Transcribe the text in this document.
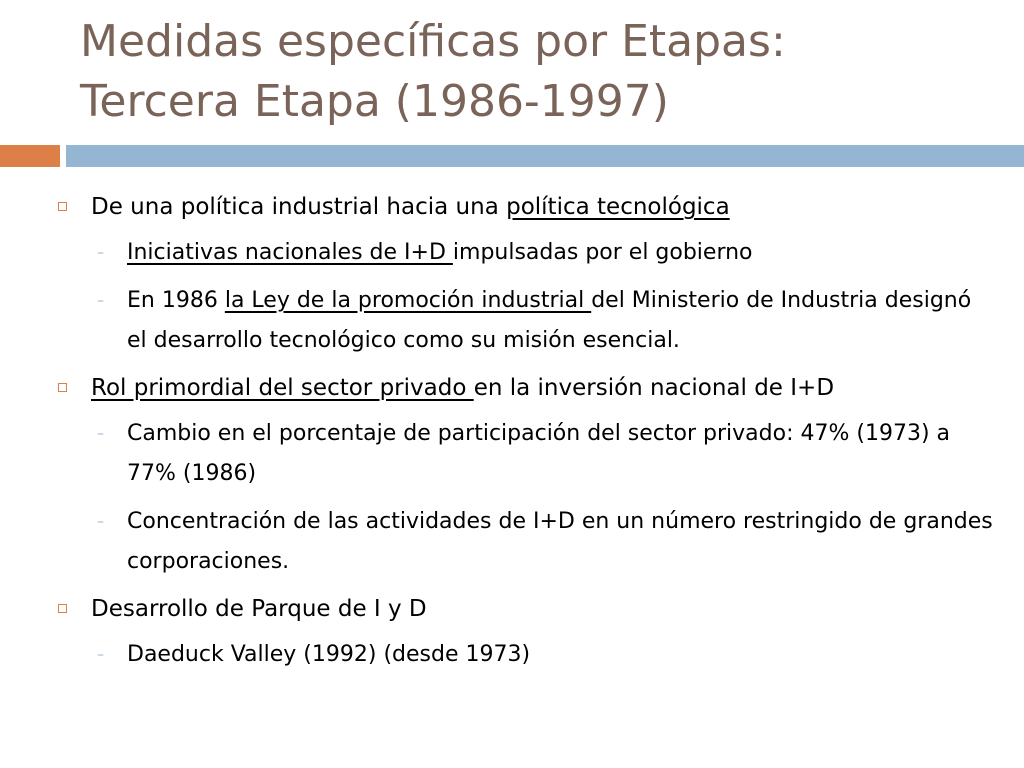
Medidas específicas por Etapas:
Tercera Etapa (1986-1997)
De una política industrial hacia una política tecnológica
– Iniciativas nacionales de I+D impulsadas por el gobierno
– En 1986 la Ley de la promoción industrial del Ministerio de Industria designó el desarrollo tecnológico como su misión esencial.
Rol primordial del sector privado en la inversión nacional de I+D
– Cambio en el porcentaje de participación del sector privado: 47% (1973) a 77% (1986)
– Concentración de las actividades de I+D en un número restringido de grandes corporaciones.
Desarrollo de Parque de I y D
– Daeduck Valley (1992) (desde 1973)
